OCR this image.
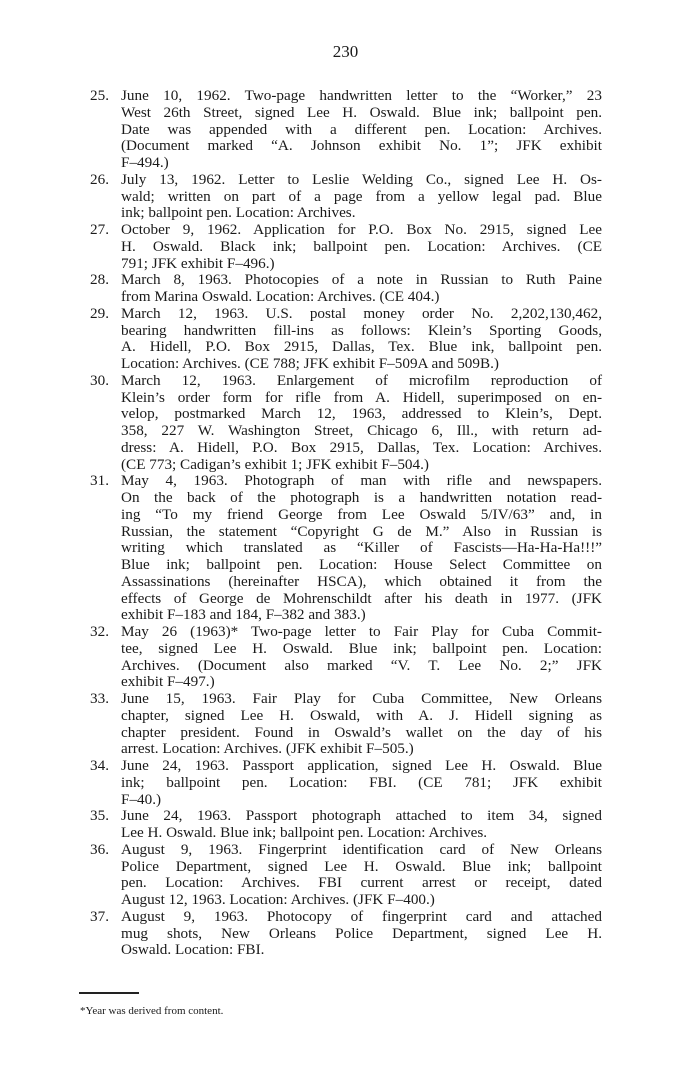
230
25. June 10, 1962. Two-page handwritten letter to the “Worker,” 23
West 26th Street, signed Lee H. Oswald. Blue ink; ballpoint pen.
Date was appended with a different pen. Location: Archives.
(Document marked “A. Johnson exhibit No. 1”; JFK exhibit
F–494.)
26. July 13, 1962. Letter to Leslie Welding Co., signed Lee H. Os-
wald; written on part of a page from a yellow legal pad. Blue
ink; ballpoint pen. Location: Archives.
27. October 9, 1962. Application for P.O. Box No. 2915, signed Lee
H. Oswald. Black ink; ballpoint pen. Location: Archives. (CE
791; JFK exhibit F–496.)
28. March 8, 1963. Photocopies of a note in Russian to Ruth Paine
from Marina Oswald. Location: Archives. (CE 404.)
29. March 12, 1963. U.S. postal money order No. 2,202,130,462,
bearing handwritten fill-ins as follows: Klein’s Sporting Goods,
A. Hidell, P.O. Box 2915, Dallas, Tex. Blue ink, ballpoint pen.
Location: Archives. (CE 788; JFK exhibit F–509A and 509B.)
30. March 12, 1963. Enlargement of microfilm reproduction of
Klein’s order form for rifle from A. Hidell, superimposed on en-
velop, postmarked March 12, 1963, addressed to Klein’s, Dept.
358, 227 W. Washington Street, Chicago 6, Ill., with return ad-
dress: A. Hidell, P.O. Box 2915, Dallas, Tex. Location: Archives.
(CE 773; Cadigan’s exhibit 1; JFK exhibit F–504.)
31. May 4, 1963. Photograph of man with rifle and newspapers.
On the back of the photograph is a handwritten notation read-
ing “To my friend George from Lee Oswald 5/IV/63” and, in
Russian, the statement “Copyright G de M.” Also in Russian is
writing which translated as “Killer of Fascists—Ha-Ha-Ha!!!”
Blue ink; ballpoint pen. Location: House Select Committee on
Assassinations (hereinafter HSCA), which obtained it from the
effects of George de Mohrenschildt after his death in 1977. (JFK
exhibit F–183 and 184, F–382 and 383.)
32. May 26 (1963)* Two-page letter to Fair Play for Cuba Commit-
tee, signed Lee H. Oswald. Blue ink; ballpoint pen. Location:
Archives. (Document also marked “V. T. Lee No. 2;” JFK
exhibit F–497.)
33. June 15, 1963. Fair Play for Cuba Committee, New Orleans
chapter, signed Lee H. Oswald, with A. J. Hidell signing as
chapter president. Found in Oswald’s wallet on the day of his
arrest. Location: Archives. (JFK exhibit F–505.)
34. June 24, 1963. Passport application, signed Lee H. Oswald. Blue
ink; ballpoint pen. Location: FBI. (CE 781; JFK exhibit
F–40.)
35. June 24, 1963. Passport photograph attached to item 34, signed
Lee H. Oswald. Blue ink; ballpoint pen. Location: Archives.
36. August 9, 1963. Fingerprint identification card of New Orleans
Police Department, signed Lee H. Oswald. Blue ink; ballpoint
pen. Location: Archives. FBI current arrest or receipt, dated
August 12, 1963. Location: Archives. (JFK F–400.)
37. August 9, 1963. Photocopy of fingerprint card and attached
mug shots, New Orleans Police Department, signed Lee H.
Oswald. Location: FBI.
*Year was derived from content.
